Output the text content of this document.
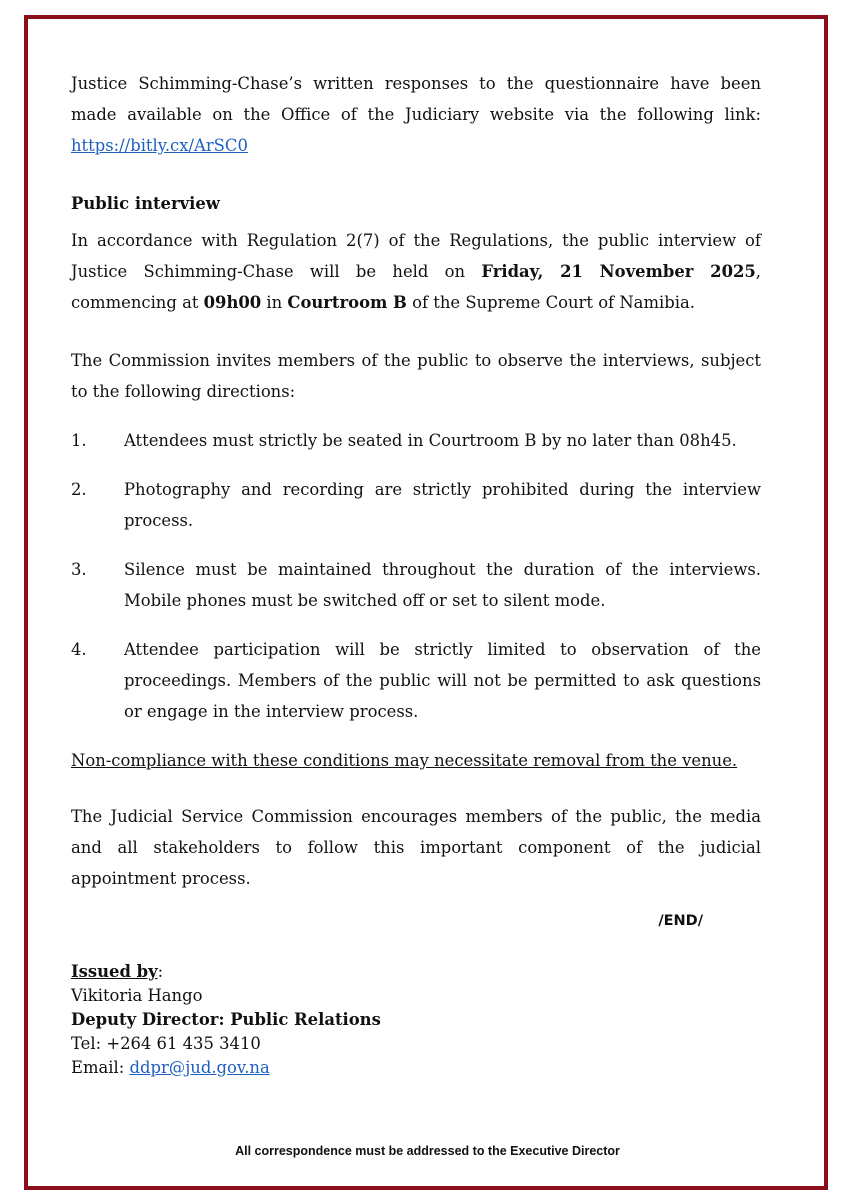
Justice Schimming-Chase’s written responses to the questionnaire have been made available on the Office of the Judiciary website via the following link: https://bitly.cx/ArSC0

Public interview

In accordance with Regulation 2(7) of the Regulations, the public interview of Justice Schimming-Chase will be held on Friday, 21 November 2025, commencing at 09h00 in Courtroom B of the Supreme Court of Namibia.

The Commission invites members of the public to observe the interviews, subject to the following directions:

1. Attendees must strictly be seated in Courtroom B by no later than 08h45.
2. Photography and recording are strictly prohibited during the interview process.
3. Silence must be maintained throughout the duration of the interviews. Mobile phones must be switched off or set to silent mode.
4. Attendee participation will be strictly limited to observation of the proceedings. Members of the public will not be permitted to ask questions or engage in the interview process.

Non-compliance with these conditions may necessitate removal from the venue.

The Judicial Service Commission encourages members of the public, the media and all stakeholders to follow this important component of the judicial appointment process.

/END/

Issued by:
Vikitoria Hango
Deputy Director: Public Relations
Tel: +264 61 435 3410
Email: ddpr@jud.gov.na
All correspondence must be addressed to the Executive Director
